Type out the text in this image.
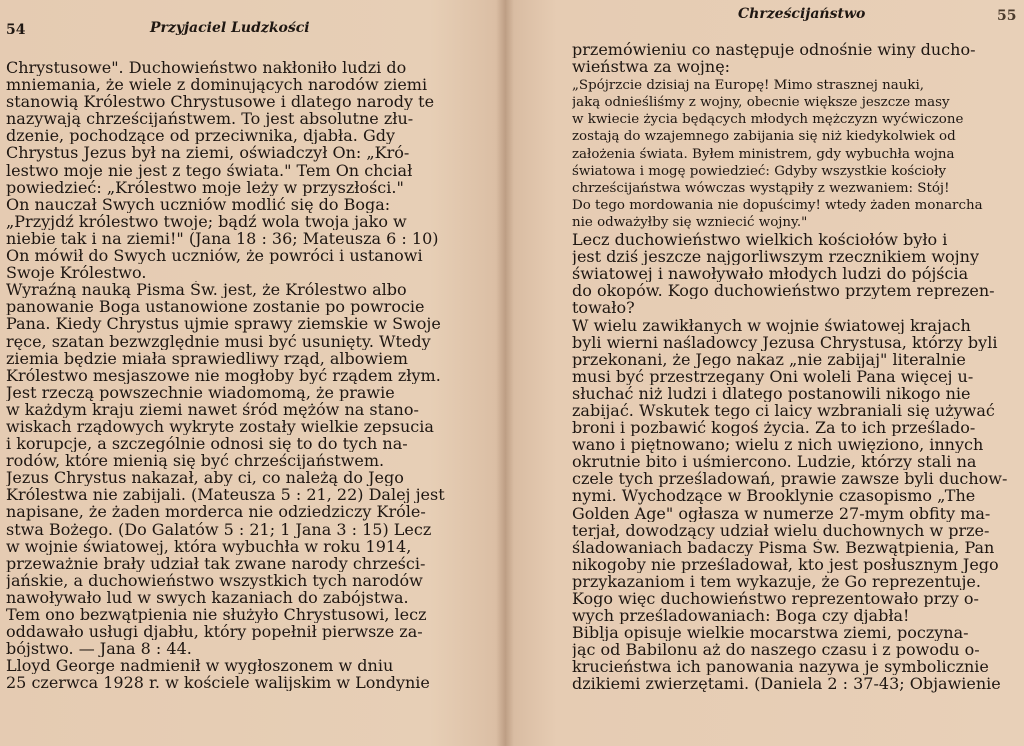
54	Przyjaciel Ludzkości
Chrystusowe". Duchowieństwo nakłoniło ludzi do
mniemania, że wiele z dominujących narodów ziemi
stanowią Królestwo Chrystusowe i dlatego narody te
nazywają chrześcijaństwem. To jest absolutne złu-
dzenie, pochodzące od przeciwnika, djabła. Gdy
Chrystus Jezus był na ziemi, oświadczył On: „Kró-
lestwo moje nie jest z tego świata." Tem On chciał
powiedzieć: „Królestwo moje leży w przyszłości."
On nauczał Swych uczniów modlić się do Boga:
„Przyjdź królestwo twoje; bądź wola twoja jako w
niebie tak i na ziemi!" (Jana 18 : 36; Mateusza 6 : 10)
On mówił do Swych uczniów, że powróci i ustanowi
Swoje Królestwo.
Wyraźną nauką Pisma Św. jest, że Królestwo albo
panowanie Boga ustanowione zostanie po powrocie
Pana. Kiedy Chrystus ujmie sprawy ziemskie w Swoje
ręce, szatan bezwzględnie musi być usunięty. Wtedy
ziemia będzie miała sprawiedliwy rząd, albowiem
Królestwo mesjaszowe nie mogłoby być rządem złym.
Jest rzeczą powszechnie wiadomomą, że prawie
w każdym kraju ziemi nawet śród mężów na stano-
wiskach rządowych wykryte zostały wielkie zepsucia
i korupcje, a szczególnie odnosi się to do tych na-
rodów, które mienią się być chrześcijaństwem.
Jezus Chrystus nakazał, aby ci, co należą do Jego
Królestwa nie zabijali. (Mateusza 5 : 21, 22) Dalej jest
napisane, że żaden morderca nie odziedziczy Króle-
stwa Bożego. (Do Galatów 5 : 21; 1 Jana 3 : 15) Lecz
w wojnie światowej, która wybuchła w roku 1914,
przeważnie brały udział tak zwane narody chrześci-
jańskie, a duchowieństwo wszystkich tych narodów
nawoływało lud w swych kazaniach do zabójstwa.
Tem ono bezwątpienia nie służyło Chrystusowi, lecz
oddawało usługi djabłu, który popełnił pierwsze za-
bójstwo. — Jana 8 : 44.
Lloyd George nadmienił w wygłoszonem w dniu
25 czerwca 1928 r. w kościele walijskim w Londynie
Chrześcijaństwo	55
przemówieniu co następuje odnośnie winy ducho-
wieństwa za wojnę:
„Spójrzcie dzisiaj na Europę! Mimo strasznej nauki,
jaką odnieśliśmy z wojny, obecnie większe jeszcze masy
w kwiecie życia będących młodych mężczyzn wyćwiczone
zostają do wzajemnego zabijania się niż kiedykolwiek od
założenia świata. Byłem ministrem, gdy wybuchła wojna
światowa i mogę powiedzieć: Gdyby wszystkie kościoły
chrześcijaństwa wówczas wystąpiły z wezwaniem: Stój!
Do tego mordowania nie dopuścimy! wtedy żaden monarcha
nie odważyłby się wzniecić wojny."
Lecz duchowieństwo wielkich kościołów było i
jest dziś jeszcze najgorliwszym rzecznikiem wojny
światowej i nawoływało młodych ludzi do pójścia
do okopów. Kogo duchowieństwo przytem reprezen-
towało?
W wielu zawikłanych w wojnie światowej krajach
byli wierni naśladowcy Jezusa Chrystusa, którzy byli
przekonani, że Jego nakaz „nie zabijaj" literalnie
musi być przestrzegany Oni woleli Pana więcej u-
słuchać niż ludzi i dlatego postanowili nikogo nie
zabijać. Wskutek tego ci laicy wzbraniali się używać
broni i pozbawić kogoś życia. Za to ich prześlado-
wano i piętnowano; wielu z nich uwięziono, innych
okrutnie bito i uśmiercono. Ludzie, którzy stali na
czele tych prześladowań, prawie zawsze byli duchow-
nymi. Wychodzące w Brooklynie czasopismo „The
Golden Age" ogłasza w numerze 27-mym obfity ma-
terjał, dowodzący udział wielu duchownych w prze-
śladowaniach badaczy Pisma Św. Bezwątpienia, Pan
nikogoby nie prześladował, kto jest posłusznym Jego
przykazaniom i tem wykazuje, że Go reprezentuje.
Kogo więc duchowieństwo reprezentowało przy o-
wych prześladowaniach: Boga czy djabła!
Biblja opisuje wielkie mocarstwa ziemi, poczyna-
jąc od Babilonu aż do naszego czasu i z powodu o-
krucieństwa ich panowania nazywa je symbolicznie
dzikiemi zwierzętami. (Daniela 2 : 37-43; Objawienie
